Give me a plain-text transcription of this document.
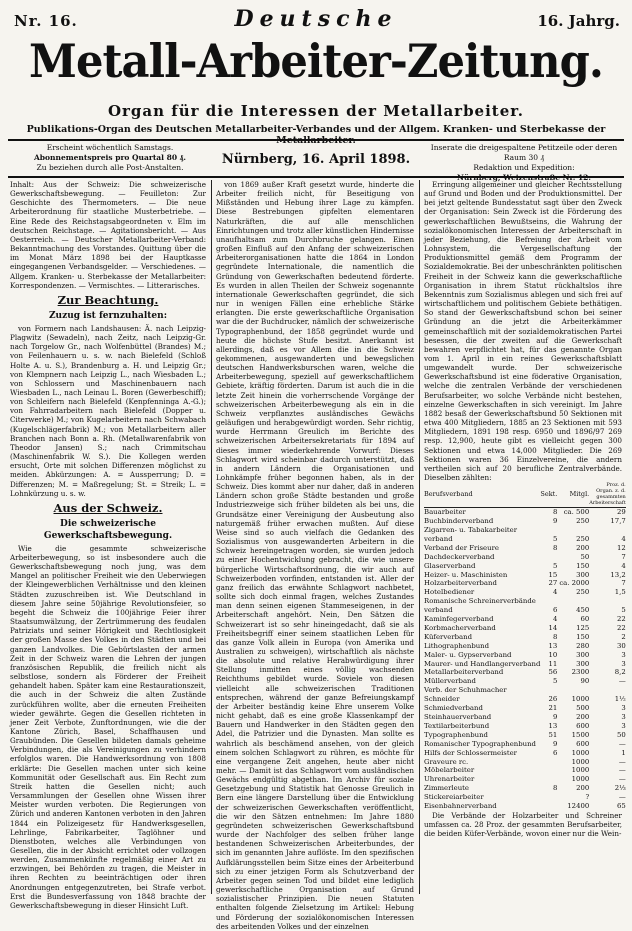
Nr. 16.	16. Jahrg.
Deutsche
Metall-Arbeiter-Zeitung.
Organ für die Interessen der Metallarbeiter.
Publikations-Organ des Deutschen Metallarbeiter-Verbandes und der Allgem. Kranken- und Sterbekasse der
Erscheint wöchentlich Samstags.
Abonnementspreis pro Quartal 80 ₰.
Zu beziehen durch alle Post-Anstalten.
Nürnberg, 16. April 1898.
Inserate die dreigespaltene Petitzeile oder deren Raum 30 ₰
Redaktion und Expedition:

Inhalt: Aus der Schweiz: Die schweizerische Gewerkschaftsbewegung. — Feuilleton: Zur Geschichte des Thermometers. — Die neue Arbeiterordnung für staatliche Musterbetriebe. — Eine Rede des Reichstagsabgeordneten v. Elm im deutschen Reichstage. — Agitationsbericht. — Aus Oesterreich. — Deutscher Metallarbeiter-Verband: Bekanntmachung des Vorstandes. Quittung über die im Monat März 1898 bei der Hauptkasse eingegangenen Verbandsgelder. — Verschiedenes. — Allgem. Kranken- u. Sterbekasse der Metallarbeiter: Korrespondenzen. — Vermischtes. — Litterarisches.

Zur Beachtung.
Zuzug ist fernzuhalten:

von Formern nach Landshausen: Ä. nach Leipzig-Plagwitz (Sewadeln), nach Zeitz, nach Leipzig-Gr. nach Torgelow Gr., nach Wolfenbüttel (Brandes) M.; von Feilenhauern u. s. w. nach Bielefeld (Schloß Holte A. u. S.), Brandenburg a. H. und Leipzig Gr.; von Klempnern nach Leipzig L., nach Wiesbaden L.; von Schlossern und Maschinenbauern nach Wiesbaden L., nach Leinau L. Boren (Gewerbeschiff); von Schleifern nach Bielefeld (Kenpfenninga A.-G.); von Fahrradarbeitern nach Bielefeld (Dopper u. Citerwerke) M.; von Kugelarbeitern nach Schwabach (Kugelschlägerfabrik) M.; von Metallarbeitern aller Branchen nach Bonn a. Rh. (Metallwarenfabrik von Theodor Jansen) S.; nach Crimmitschau (Maschinenfabrik W. S.). Die Kollegen werden ersucht, Orte mit solchen Differenzen möglichst zu meiden. Abkürzungen: A. = Aussperrung; D. = Differenzen; M. = Maßregelung; St. = Streik; L. = Lohnkürzung u. s. w.

Aus der Schweiz.
Die schweizerische Gewerkschaftsbewegung.

Wie die gesammte schweizerische Arbeiterbewegung, so ist insbesondere auch die Gewerkschaftsbewegung noch jung, was dem Mangel an politischer Freiheit wie den Ueberwiegen der Kleingewerblichen Verhältnisse und den kleinen Städten zuzuschreiben ist. Wie Deutschland in diesem Jahre seine 50jährige Revolutionsfeier, so begeht die Schweiz die 100jährige Feier ihrer Staatsumwälzung, der Zertrümmerung des feudalen Patriziats und seiner Hörigkeit und Rechtlosigkeit der großen Masse des Volkes in den Städten und bei ganzen Landvolkes. Die Gebürtslasten der armen Zeit in der Schweiz waren die Lehren der jungen französischen Republik, die freilich nicht als selbstlose, sondern als Förderer der Freiheit gehandelt haben. Später kam eine Restaurationszeit, die auch in der Schweiz die alten Zustände zurückführen wollte, aber die erneuten Freiheiten wieder gewährte. Gegen die Gesellen richteten in jener Zeit Verbote, Zunftordnungen, wie die der Kantone Zürich, Basel, Schaffhausen und Graubünden. Die Gesellen bildeten damals geheime Verbindungen, die als Vereinigungen zu verhindern erfolglos waren. Die Handwerksordnung von 1808 erklärte: Die Gesellen machen unter sich keine Kommunität oder Gesellschaft aus. Ein Recht zum Streik hatten die Gesellen nicht; auch Versammlungen der Gesellen ohne Wissen ihrer Meister wurden verboten. Die Regierungen von Zürich und anderen Kantonen verboten in den Jahren 1844 ein Polizeigesetz für Handwerksgesellen, Lehrlinge, Fabrikarbeiter, Taglöhner und Dienstboten, welches alle Verbindungen von Gesellen, die in der Absicht errichtet oder vollzogen werden, Zusammenkünfte regelmäßig einer Art zu erzwingen, bei Behörden zu tragen, die Meister in ihren Rechten zu beeinträchtigen oder ihren Anordnungen entgegenzutreten, bei Strafe verbot. Erst die Bundesverfassung von 1848 brachte der Gewerkschaftsbewegung in dieser Hinsicht Luft.

von 1869 außer Kraft gesetzt wurde, hinderte die Arbeiter freilich nicht, für Beseitigung von Mißständen und Hebung ihrer Lage zu kämpfen. Diese Bestrebungen gipfelten elementaren Naturkräften, die auf alle menschlichen Einrichtungen und trotz aller künstlichen Hindernisse unaufhaltsam zum Durchbruche gelangen. Einen großen Einfluß auf den Anfang der schweizerischen Arbeiterorganisationen hatte die 1864 in London gegründete Internationale, die namentlich die Gründung von Gewerkschaften bedeutend förderte. Es wurden in allen Theilen der Schweiz sogenannte internationale Gewerkschaften gegründet, die sich nur in wenigen Fällen eine erhebliche Stärke erlangten. Die erste gewerkschaftliche Organisation war die der Buchdrucker, nämlich der schweizerische Typographenbund, der 1858 gegründet wurde und heute die höchste Stufe besitzt. Anerkannt ist allerdings, daß es vor Allem die in die Schweiz gekommenen, ausgewanderten und bewegslichen deutschen Handwerksburschen waren, welche die Arbeiterbewegung, speziell auf gewerkschaftlichem Gebiete, kräftig förderten. Darum ist auch die in die letzte Zeit hinein die vorherrschende Vorgänge der schweizerischen Arbeiterbewegung als ein in die Schweiz verpflanztes ausländisches Gewächs geläufigen und herabgewürdigt worden. Sehr richtig, wurde Herrmann Greulich im Berichte des schweizerischen Arbeitersekretariats für 1894 auf dieses immer wiederkehrende Vorwurf: Dieses Schlagwort wird scheinbar dadurch unterstützt, daß in andern Ländern die Organisationen und Lohnkämpfe früher begonnen haben, als in der Schweiz. Dies kommt aber nur daher, daß in anderen Ländern schon große Städte bestanden und große Industriezweige sich früher bildeten als bei uns, die Grundsätze einer Vereinigung der Ausbeutung also naturgemäß früher erwachen mußten. Auf diese Weise sind so auch vielfach die Gedanken des Sozialismus von ausgewanderten Arbeitern in die Schweiz hereingetragen worden, sie wurden jedoch zu einer Hochentwicklung gebracht, die wie unsere bürgerliche Wirtschaftsordnung, die wir auch auf Schweizerboden vorfinden, entstanden ist. Aller der ganz freilich das erwähnte Schlagwort nachbetet, sollte sich doch einmal fragen, welches Zustandes man denn seinen eigenen Stammeseigenen, in der Arbeiterschaft angehört. Nein, Den Sätzen die Schweizerart ist so sehr hineingedacht, daß sie als Freiheitsbegriff einer seinem staatlichen Leben für das ganze Volk allein in Europa (von Amerika und Australien zu schweigen), wirtschaftlich als nächste die absolute und relative Herabwürdigung ihrer Stellung inmitten eines völlig wachsenden Reichthums gebildet wurde. Soviele von diesen vielleicht alle schweizerischen Traditionen entsprechen, während der ganze Befreiungskampf der Arbeiter beständig keine Ehre unserem Volke nicht gehabt, daß es eine große Klassenkampf der Bauern und Handwerker in den Städten gegen den Adel, die Patrizier und die Dynasten. Man sollte es wahrlich als beschämend ansehen, von der gleich einem solchen Schlagwort zu rühren, es möchte für eine vergangene Zeit angehen, heute aber nicht mehr. — Damit ist das Schlagwort vom ausländischen Gewächs endgültig abgethan. Im Archiv für soziale Gesetzgebung und Statistik hat Genosse Greulich in Bern eine längere Darstellung über die Entwicklung der schweizerischen Gewerkschaften veröffentlicht, die wir den Sätzen entnehmen: Im Jahre 1880 gegründeten schweizerischen Gewerkschaftsbund wurde der Nachfolger des selben früher lange bestandenen Schweizerischen Arbeiterbundes, der sich im genannten Jahre auflöste. Im den spezifischen Aufklärungsstellen beim Sitze eines der Arbeiterbund sich zu einer jetzigen Form als Schutzverband der Arbeiter gegen seinen Tod und bildet eine lediglich gewerkschaftliche Organisation auf Grund sozialistischer Prinzipien. Die neuen Statuten enthalten folgende Zielsetzung im Artikel: Hebung und Förderung der sozialökonomischen Interessen des arbeitenden Volkes und der einzelnen

Erringung allgemeiner und gleicher Rechtsstellung auf Grund und Boden und der Produktionsmittel. Der bei jetzt geltende Bundesstatut sagt über den Zweck der Organisation: Sein Zweck ist die Förderung des gewerkschaftlichen Bewußtseins, die Wahrung der sozialökonomischen Interessen der Arbeiterschaft in jeder Beziehung, die Befreiung der Arbeit vom Lohnsystem, die Vergesellschaftung der Produktionsmittel gemäß dem Programm der Sozialdemokratie. Bei der unbeschränkten politischen Freiheit in der Schweiz kann die gewerkschaftliche Organisation in ihrem Statut rückhaltslos ihre Bekenntnis zum Sozialismus ablegen und sich frei auf wirtschaftlichem und politischem Gebiete bethätigen. So stand der Gewerkschaftsbund schon bei seiner Gründung an die jetzt die Arbeiterkämmer gemeinschaftlich mit der sozialdemokratischen Partei besessen, die der zweiten auf die Gewerkschaft bewahren verpflichtet hat, für das genannte Organ vom 1. April in ein reines Gewerkschaftsblatt umgewandelt wurde. Der schweizerische Gewerkschaftsbund ist eine föderative Organisation, welche die zentralen Verbände der verschiedenen Berufsarbeiter, wo solche Verbände nicht bestehen, einzelne Gewerkschaften in sich vereinigt. Im Jahre 1882 besaß der Gewerkschaftsbund 50 Sektionen mit etwa 400 Mitgliedern, 1885 an 23 Sektionen mit 593 Mitgliedern, 1891 198 resp. 6950 und 1896/97 269 resp. 12,900, heute gibt es vielleicht gegen 300 Sektionen und etwa 14,000 Mitglieder. Die 269 Sektionen waren 36 Einzelvereine, die andern vertheilen sich auf 20 berufliche Zentralverbände. Dieselben zählten:

Berufsverband	Sekt.	Mitgl.	Proz. d. Organ. z. d. gesammten Arbeiterschaft
Bauarbeiter	8	ca. 500	29
Buchbinderverband	9	250	17,7
Zigarren- u. Tabakarbeiter			
verband	5	250	4
Verband der Friseure	8	200	12
Dachdeckerverband		50	7
Glaserverband	5	150	4
Heizer- u. Maschinisten	15	300	13,2
Holzarbeiterverband	27	ca. 2000	7
Hotelbediener	4	250	1,5
Romanische Schreinerverbände			
verband	6	450	5
Kaminfegerverband	4	60	22
Korbmacherverband	14	125	22
Küferverband	8	150	2
Lithographenbund	13	280	30
Maler- u. Gypserverband	10	300	3
Maurer- und Handlangerverband	11	300	3
Metallarbeiterverband	56	2300	8,2
Müllerverband	5	90	—
Verb. der Schuhmacher			
Schneider	26	1000	1½
Schmiedverband	21	500	3
Steinhauerverband	9	200	3
Textilarbeiterbund	13	600	3
Typographenbund	51	1500	50
Romanischer Typographenbund	9	600	—
Hilfs der Schlossermeister	6	1000	1
Graveure rc.		1000	—
Möbelarbeiter		1000	—
Uhrenarbeiter		1000	—
Zimmerleute	8	200	2⅓
Stickereiarbeiter		?	—
Eisenbahnerverband		12400	65

Die Verbände der Holzarbeiter und Schreiner umfassen ca. 28 Proz. der gesammten Berufsarbeiter, die beiden Küfer-Verbände, wovon einer nur die Wein-
